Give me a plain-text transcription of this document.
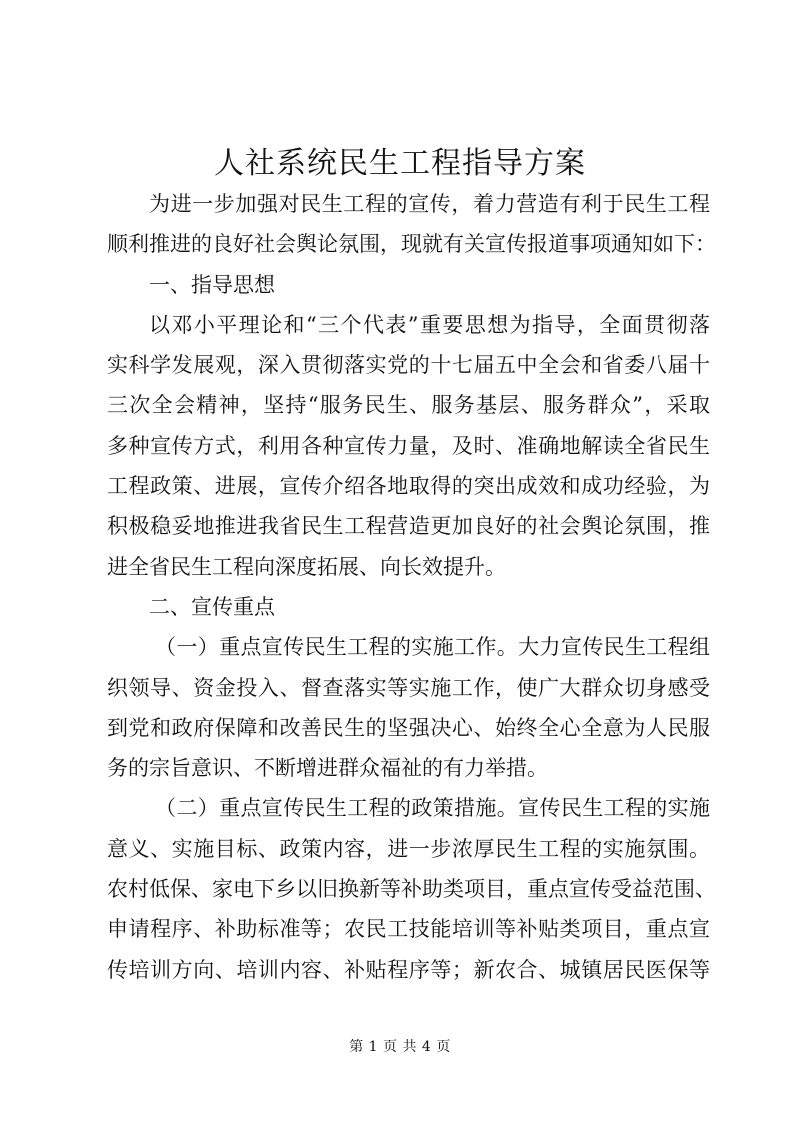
人社系统民生工程指导方案
为进一步加强对民生工程的宣传，着力营造有利于民生工程
顺利推进的良好社会舆论氛围，现就有关宣传报道事项通知如下：
一、指导思想
以邓小平理论和“三个代表”重要思想为指导，全面贯彻落
实科学发展观，深入贯彻落实党的十七届五中全会和省委八届十
三次全会精神，坚持“服务民生、服务基层、服务群众”，采取
多种宣传方式，利用各种宣传力量，及时、准确地解读全省民生
工程政策、进展，宣传介绍各地取得的突出成效和成功经验，为
积极稳妥地推进我省民生工程营造更加良好的社会舆论氛围，推
进全省民生工程向深度拓展、向长效提升。
二、宣传重点
（一）重点宣传民生工程的实施工作。大力宣传民生工程组
织领导、资金投入、督查落实等实施工作，使广大群众切身感受
到党和政府保障和改善民生的坚强决心、始终全心全意为人民服
务的宗旨意识、不断增进群众福祉的有力举措。
（二）重点宣传民生工程的政策措施。宣传民生工程的实施
意义、实施目标、政策内容，进一步浓厚民生工程的实施氛围。
农村低保、家电下乡以旧换新等补助类项目，重点宣传受益范围、
申请程序、补助标准等；农民工技能培训等补贴类项目，重点宣
传培训方向、培训内容、补贴程序等；新农合、城镇居民医保等
第 1 页 共 4 页
